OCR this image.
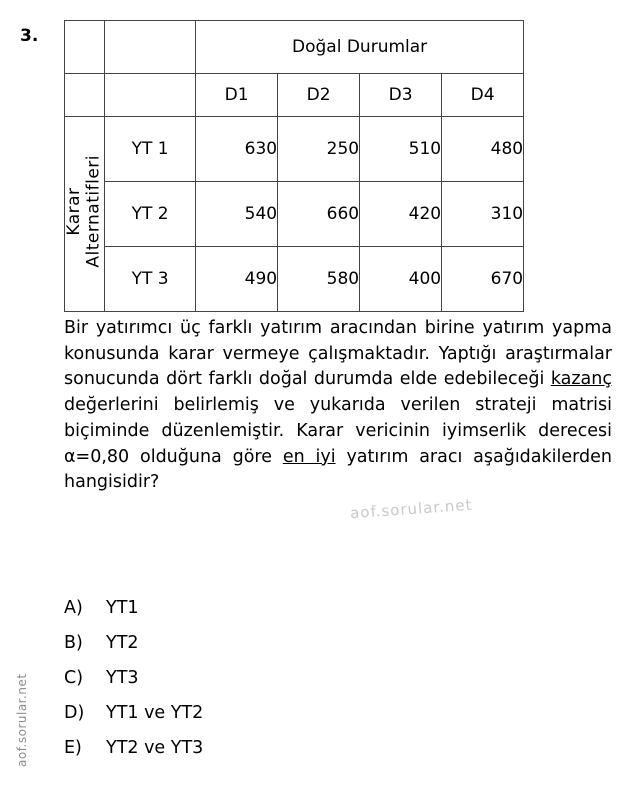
3.
		Doğal Durumlar			
		D1	D2	D3	D4
Karar
Alternatifleri	YT 1	630	250	510	480
	YT 2	540	660	420	310
	YT 3	490	580	400	670
Bir yatırımcı üç farklı yatırım aracından birine yatırım yapma konusunda karar vermeye çalışmaktadır. Yaptığı araştırmalar sonucunda dört farklı doğal durumda elde edebileceği kazanç değerlerini belirlemiş ve yukarıda verilen strateji matrisi biçiminde düzenlemiştir. Karar vericinin iyimserlik derecesi α=0,80 olduğuna göre en iyi yatırım aracı aşağıdakilerden hangisidir?
A)	YT1
B)	YT2
C)	YT3
D)	YT1 ve YT2
E)	YT2 ve YT3
aof.sorular.net
aof.sorular.net
